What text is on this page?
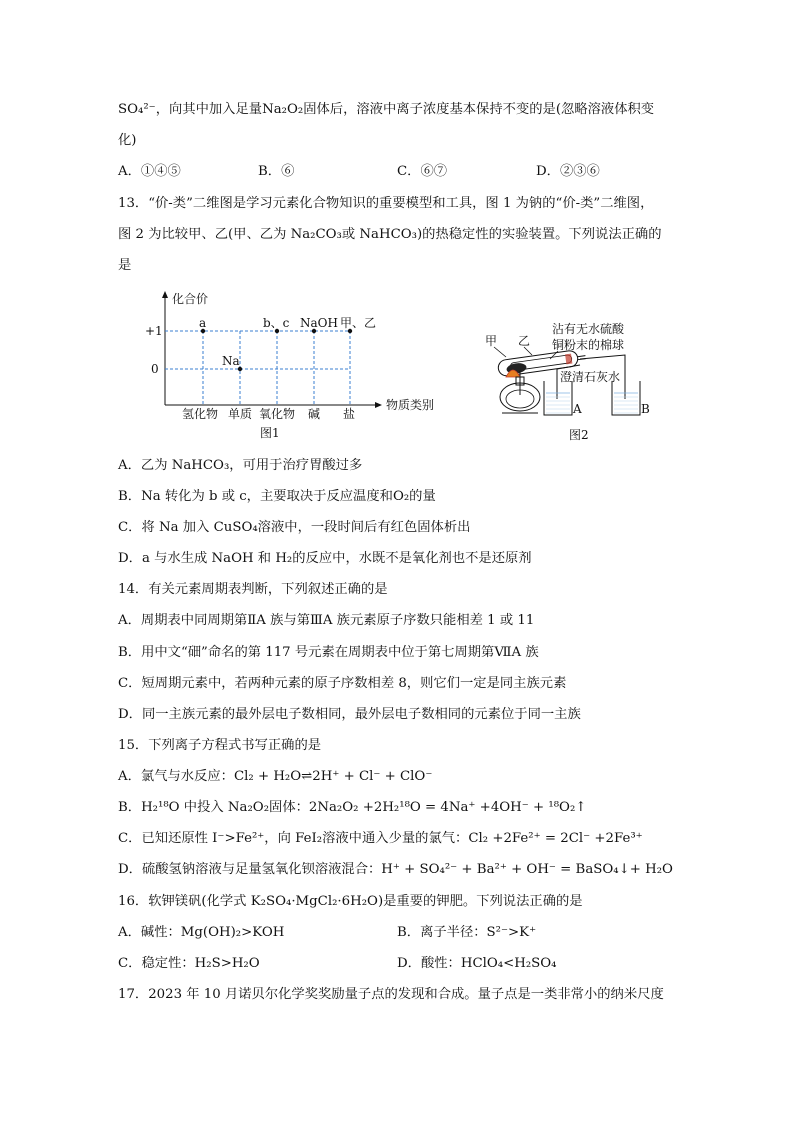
SO₄²⁻，向其中加入足量Na₂O₂固体后，溶液中离子浓度基本保持不变的是(忽略溶液体积变
化)
A．①④⑤	B．⑥	C．⑥⑦	D．②③⑥
13．“价-类”二维图是学习元素化合物知识的重要模型和工具，图 1 为钠的“价-类”二维图，
图 2 为比较甲、乙(甲、乙为 Na₂CO₃或 NaHCO₃)的热稳定性的实验装置。下列说法正确的
是
化合价
物质类别
+1
0
氢化物 单质 氧化物 碱 盐
a	b、c NaOH 甲、乙
Na
图1
甲 乙
沾有无水硫酸
铜粉末的棉球
澄清石灰水
A	B
图2
A．乙为 NaHCO₃，可用于治疗胃酸过多
B．Na 转化为 b 或 c，主要取决于反应温度和O₂的量
C．将 Na 加入 CuSO₄溶液中，一段时间后有红色固体析出
D．a 与水生成 NaOH 和 H₂的反应中，水既不是氧化剂也不是还原剂
14．有关元素周期表判断，下列叙述正确的是
A．周期表中同周期第ⅡA 族与第ⅢA 族元素原子序数只能相差 1 或 11
B．用中文“鿬”命名的第 117 号元素在周期表中位于第七周期第ⅦA 族
C．短周期元素中，若两种元素的原子序数相差 8，则它们一定是同主族元素
D．同一主族元素的最外层电子数相同，最外层电子数相同的元素位于同一主族
15．下列离子方程式书写正确的是
A．氯气与水反应：Cl₂ + H₂O⇌2H⁺ + Cl⁻ + ClO⁻
B．H₂¹⁸O 中投入 Na₂O₂固体：2Na₂O₂ +2H₂¹⁸O = 4Na⁺ +4OH⁻ + ¹⁸O₂↑
C．已知还原性 I⁻>Fe²⁺，向 FeI₂溶液中通入少量的氯气：Cl₂ +2Fe²⁺ = 2Cl⁻ +2Fe³⁺
D．硫酸氢钠溶液与足量氢氧化钡溶液混合：H⁺ + SO₄²⁻ + Ba²⁺ + OH⁻ = BaSO₄↓+ H₂O
16．软钾镁矾(化学式 K₂SO₄·MgCl₂·6H₂O)是重要的钾肥。下列说法正确的是
A．碱性：Mg(OH)₂>KOH	B．离子半径：S²⁻>K⁺
C．稳定性：H₂S>H₂O	D．酸性：HClO₄<H₂SO₄
17．2023 年 10 月诺贝尔化学奖奖励量子点的发现和合成。量子点是一类非常小的纳米尺度
